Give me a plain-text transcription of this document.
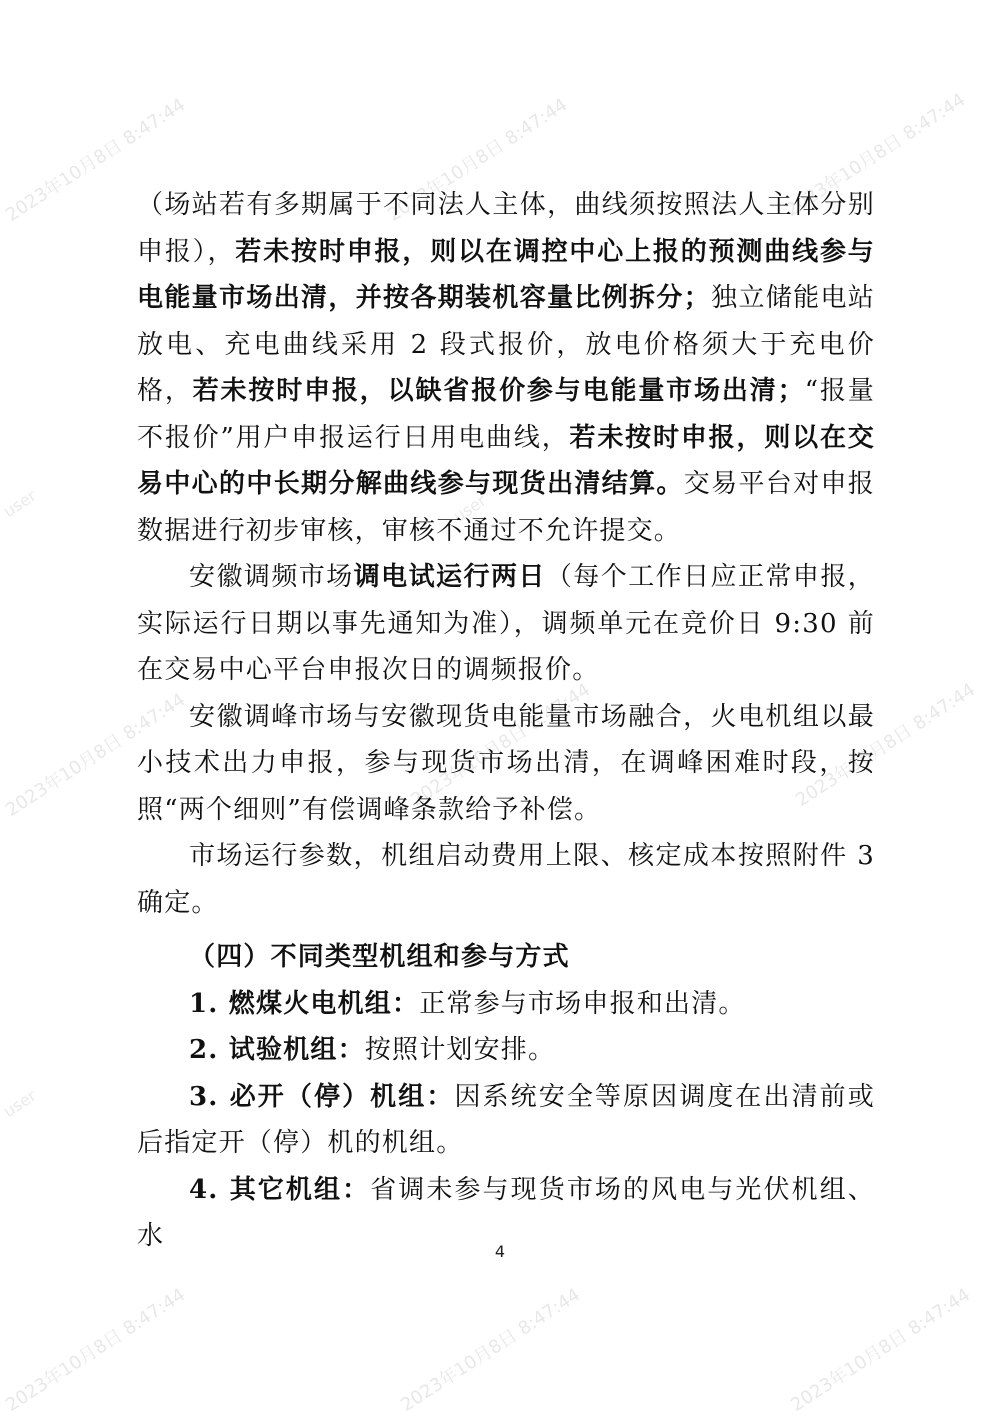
2023年10月8日 8:47:44	2023年10月8日 8:47:44	2023年10月8日 8:47:44
2023年10月8日 8:47:44	2023年10月8日 8:47:44	2023年10月8日 8:47:44
2023年10月8日 8:47:44	2023年10月8日 8:47:44	2023年10月8日 8:47:44
user	user
user

（场站若有多期属于不同法人主体，曲线须按照法人主体分别申报），若未按时申报，则以在调控中心上报的预测曲线参与电能量市场出清，并按各期装机容量比例拆分；独立储能电站放电、充电曲线采用 2 段式报价，放电价格须大于充电价格，若未按时申报，以缺省报价参与电能量市场出清；“报量不报价”用户申报运行日用电曲线，若未按时申报，则以在交易中心的中长期分解曲线参与现货出清结算。交易平台对申报数据进行初步审核，审核不通过不允许提交。

安徽调频市场调电试运行两日（每个工作日应正常申报，实际运行日期以事先通知为准），调频单元在竞价日 9:30 前在交易中心平台申报次日的调频报价。

安徽调峰市场与安徽现货电能量市场融合，火电机组以最小技术出力申报，参与现货市场出清，在调峰困难时段，按照“两个细则”有偿调峰条款给予补偿。

市场运行参数，机组启动费用上限、核定成本按照附件 3 确定。

（四）不同类型机组和参与方式

1. 燃煤火电机组：正常参与市场申报和出清。

2. 试验机组：按照计划安排。

3. 必开（停）机组：因系统安全等原因调度在出清前或后指定开（停）机的机组。

4. 其它机组：省调未参与现货市场的风电与光伏机组、水

4
